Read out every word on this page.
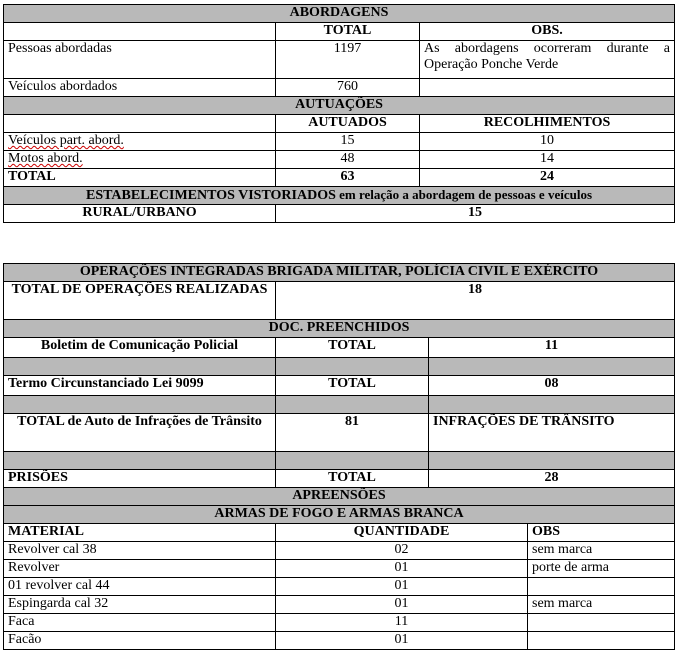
ABORDAGENS		
	TOTAL	OBS.
Pessoas abordadas	1197	As abordagens ocorreram durante a Operação Ponche Verde
Veículos abordados	760	
AUTUAÇÕES		
	AUTUADOS	RECOLHIMENTOS
Veículos part. abord.	15	10
Motos abord.	48	14
TOTAL	63	24
ESTABELECIMENTOS VISTORIADOS em relação a abordagem de pessoas e veículos		
RURAL/URBANO	15	
OPERAÇÕES INTEGRADAS BRIGADA MILITAR, POLÍCIA CIVIL E EXÉRCITO			
TOTAL DE OPERAÇÕES REALIZADAS	18		
DOC. PREENCHIDOS			
Boletim de Comunicação Policial	TOTAL	11	

Termo Circunstanciado Lei 9099	TOTAL	08	

TOTAL de Auto de Infrações de Trânsito	81	INFRAÇÕES DE TRÂNSITO	

PRISÕES	TOTAL	28	
APREENSÕES			
ARMAS DE FOGO E ARMAS BRANCA			
MATERIAL	QUANTIDADE		OBS
Revolver cal 38	02		sem marca
Revolver	01		porte de arma
01 revolver cal 44	01		
Espingarda cal 32	01		sem marca
Faca	11		
Facão	01		
